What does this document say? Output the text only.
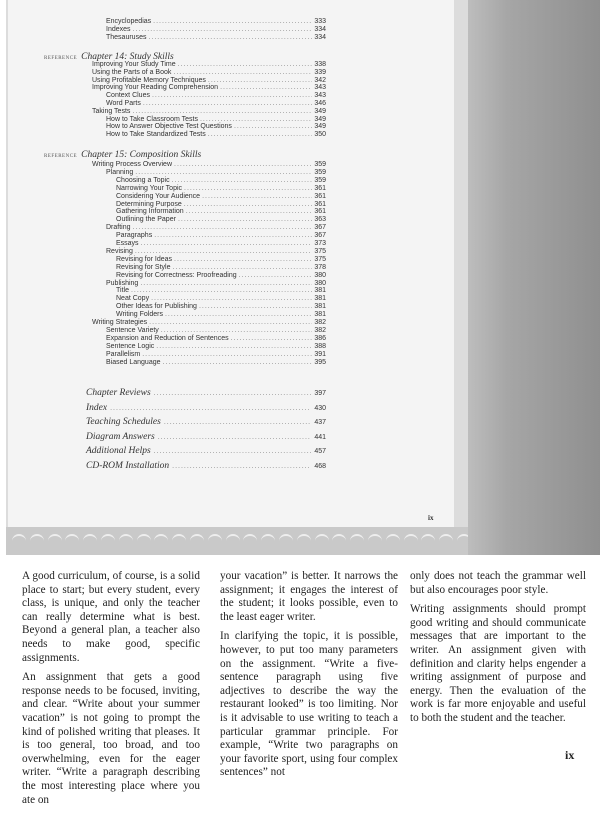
Encyclopedias .....	333
Indexes .....	334
Thesauruses .....	334
REFERENCE Chapter 14: Study Skills
Improving Your Study Time .....	338
Using the Parts of a Book .....	339
Using Profitable Memory Techniques .....	342
Improving Your Reading Comprehension .....	343
Context Clues .....	343
Word Parts .....	346
Taking Tests .....	349
How to Take Classroom Tests .....	349
How to Answer Objective Test Questions .....	349
How to Take Standardized Tests .....	350
REFERENCE Chapter 15: Composition Skills
Writing Process Overview .....	359
Planning .....	359
Choosing a Topic .....	359
Narrowing Your Topic .....	361
Considering Your Audience .....	361
Determining Purpose .....	361
Gathering Information .....	361
Outlining the Paper .....	363
Drafting .....	367
Paragraphs .....	367
Essays .....	373
Revising .....	375
Revising for Ideas .....	375
Revising for Style .....	378
Revising for Correctness: Proofreading .....	380
Publishing .....	380
Title .....	381
Neat Copy .....	381
Other Ideas for Publishing .....	381
Writing Folders .....	381
Writing Strategies .....	382
Sentence Variety .....	382
Expansion and Reduction of Sentences .....	386
Sentence Logic .....	388
Parallelism .....	391
Biased Language .....	395
Chapter Reviews .....	397
Index .....	430
Teaching Schedules .....	437
Diagram Answers .....	441
Additional Helps .....	457
CD-ROM Installation .....	468
ix

A good curriculum, of course, is a solid place to start; but every student, every class, is unique, and only the teacher can really determine what is best. Beyond a general plan, a teacher also needs to make good, specific assignments.

An assignment that gets a good response needs to be focused, inviting, and clear. “Write about your summer vacation” is not going to prompt the kind of polished writing that pleases. It is too general, too broad, and too overwhelming, even for the eager writer. “Write a paragraph describing the most interesting place where you ate on

your vacation” is better. It narrows the assignment; it engages the interest of the student; it looks possible, even to the least eager writer.

In clarifying the topic, it is possible, however, to put too many parameters on the assignment. “Write a five-sentence paragraph using five adjectives to describe the way the restaurant looked” is too limiting. Nor is it advisable to use writing to teach a particular grammar principle. For example, “Write two paragraphs on your favorite sport, using four complex sentences” not

only does not teach the grammar well but also encourages poor style.

Writing assignments should prompt good writing and should communicate messages that are important to the writer. An assignment given with definition and clarity helps engender a writing assignment of purpose and energy. Then the evaluation of the work is far more enjoyable and useful to both the student and the teacher.

ix
